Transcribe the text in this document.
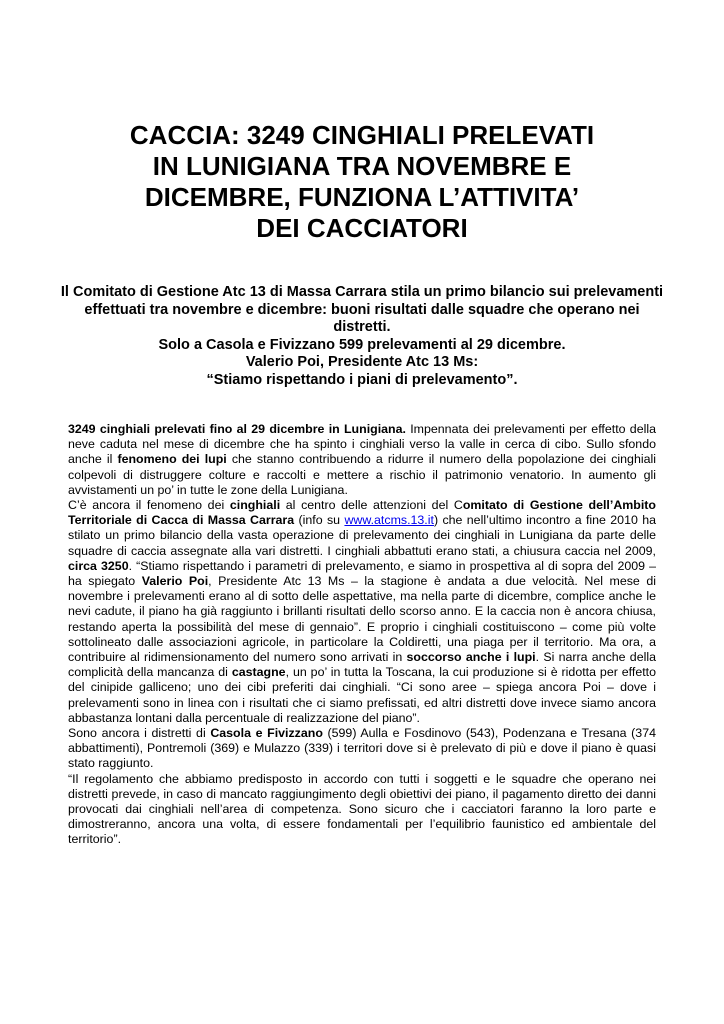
CACCIA: 3249 CINGHIALI PRELEVATI
IN LUNIGIANA TRA NOVEMBRE E
DICEMBRE, FUNZIONA L’ATTIVITA’
DEI CACCIATORI
Il Comitato di Gestione Atc 13 di Massa Carrara stila un primo bilancio sui prelevamenti effettuati tra novembre e dicembre: buoni risultati dalle squadre che operano nei distretti.
Solo a Casola e Fivizzano 599 prelevamenti al 29 dicembre.
Valerio Poi, Presidente Atc 13 Ms:
“Stiamo rispettando i piani di prelevamento”.

3249 cinghiali prelevati fino al 29 dicembre in Lunigiana. Impennata dei prelevamenti per effetto della neve caduta nel mese di dicembre che ha spinto i cinghiali verso la valle in cerca di cibo. Sullo sfondo anche il fenomeno dei lupi che stanno contribuendo a ridurre il numero della popolazione dei cinghiali colpevoli di distruggere colture e raccolti e mettere a rischio il patrimonio venatorio. In aumento gli avvistamenti un po’ in tutte le zone della Lunigiana.

C’è ancora il fenomeno dei cinghiali al centro delle attenzioni del Comitato di Gestione dell’Ambito Territoriale di Cacca di Massa Carrara (info su www.atcms.13.it) che nell’ultimo incontro a fine 2010 ha stilato un primo bilancio della vasta operazione di prelevamento dei cinghiali in Lunigiana da parte delle squadre di caccia assegnate alla vari distretti. I cinghiali abbattuti erano stati, a chiusura caccia nel 2009, circa 3250. “Stiamo rispettando i parametri di prelevamento, e siamo in prospettiva al di sopra del 2009 – ha spiegato Valerio Poi, Presidente Atc 13 Ms – la stagione è andata a due velocità. Nel mese di novembre i prelevamenti erano al di sotto delle aspettative, ma nella parte di dicembre, complice anche le nevi cadute, il piano ha già raggiunto i brillanti risultati dello scorso anno. E la caccia non è ancora chiusa, restando aperta la possibilità del mese di gennaio”. E proprio i cinghiali costituiscono – come più volte sottolineato dalle associazioni agricole, in particolare la Coldiretti, una piaga per il territorio. Ma ora, a contribuire al ridimensionamento del numero sono arrivati in soccorso anche i lupi. Si narra anche della complicità della mancanza di castagne, un po’ in tutta la Toscana, la cui produzione si è ridotta per effetto del cinipide galliceno; uno dei cibi preferiti dai cinghiali. “Ci sono aree – spiega ancora Poi – dove i prelevamenti sono in linea con i risultati che ci siamo prefissati, ed altri distretti dove invece siamo ancora abbastanza lontani dalla percentuale di realizzazione del piano”.

Sono ancora i distretti di Casola e Fivizzano (599) Aulla e Fosdinovo (543), Podenzana e Tresana (374 abbattimenti), Pontremoli (369) e Mulazzo (339) i territori dove si è prelevato di più e dove il piano è quasi stato raggiunto.

“Il regolamento che abbiamo predisposto in accordo con tutti i soggetti e le squadre che operano nei distretti prevede, in caso di mancato raggiungimento degli obiettivi dei piano, il pagamento diretto dei danni provocati dai cinghiali nell’area di competenza. Sono sicuro che i cacciatori faranno la loro parte e dimostreranno, ancora una volta, di essere fondamentali per l’equilibrio faunistico ed ambientale del territorio”.
